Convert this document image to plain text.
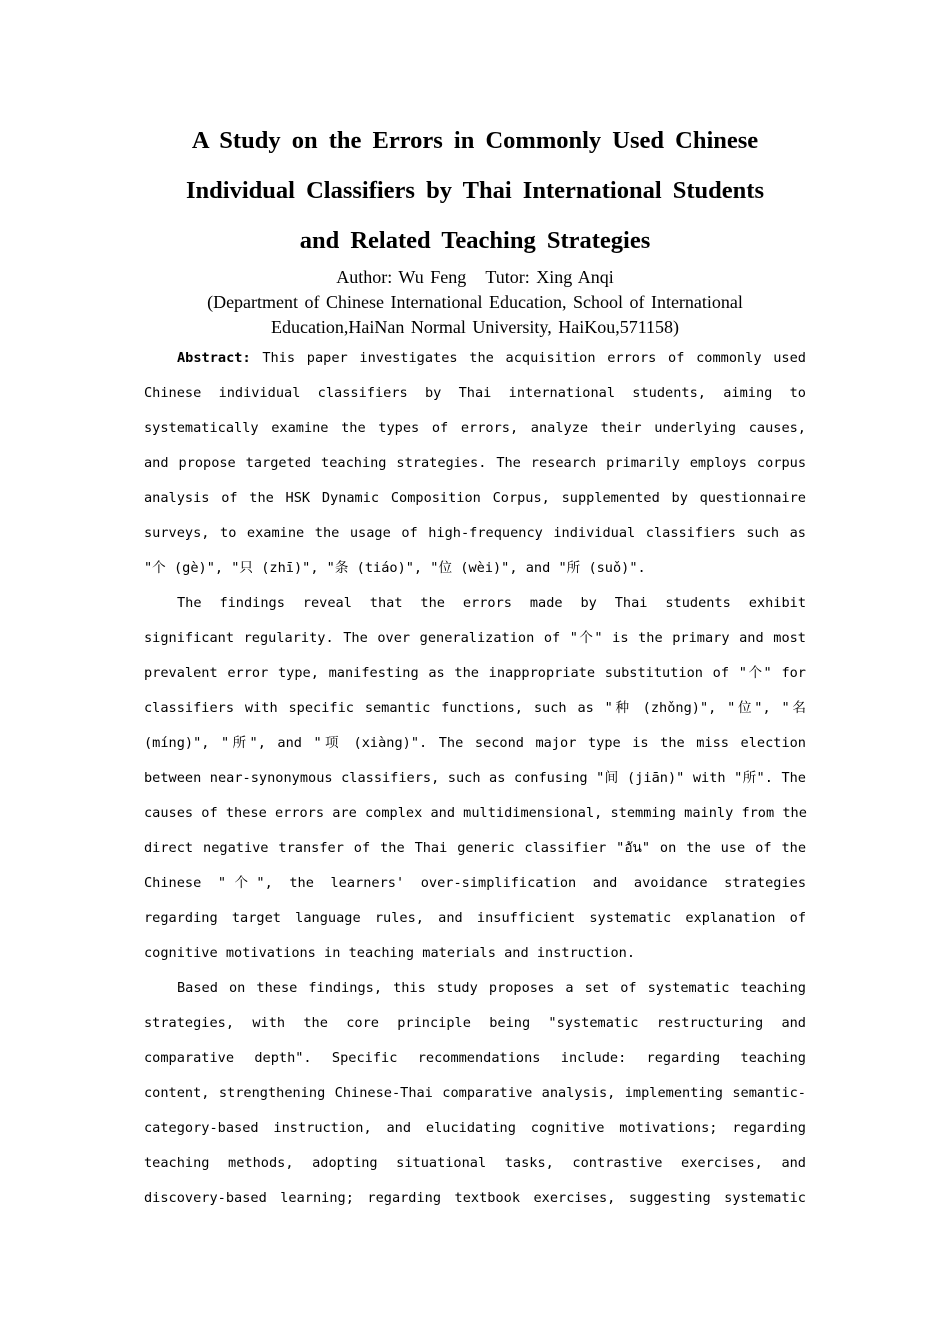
A Study on the Errors in Commonly Used Chinese
Individual Classifiers by Thai International Students
and Related Teaching Strategies
Author: Wu Feng   Tutor: Xing Anqi
(Department of Chinese International Education, School of International
Education,HaiNan Normal University, HaiKou,571158)

Abstract: This paper investigates the acquisition errors of commonly used
Chinese individual classifiers by Thai international students, aiming to
systematically examine the types of errors, analyze their underlying causes,
and propose targeted teaching strategies. The research primarily employs corpus
analysis of the HSK Dynamic Composition Corpus, supplemented by questionnaire
surveys, to examine the usage of high-frequency individual classifiers such as
"个 (gè)", "只 (zhī)", "条 (tiáo)", "位 (wèi)", and "所 (suǒ)".

The findings reveal that the errors made by Thai students exhibit
significant regularity. The over generalization of "个" is the primary and most
prevalent error type, manifesting as the inappropriate substitution of "个" for
classifiers with specific semantic functions, such as "种 (zhǒng)", "位", "名
(míng)", "所", and "项 (xiàng)". The second major type is the miss election
between near-synonymous classifiers, such as confusing "间 (jiān)" with "所". The
causes of these errors are complex and multidimensional, stemming mainly from the
direct negative transfer of the Thai generic classifier "อัน" on the use of the
Chinese "个", the learners' over-simplification and avoidance strategies
regarding target language rules, and insufficient systematic explanation of
cognitive motivations in teaching materials and instruction.

Based on these findings, this study proposes a set of systematic teaching
strategies, with the core principle being "systematic restructuring and
comparative depth". Specific recommendations include: regarding teaching
content, strengthening Chinese-Thai comparative analysis, implementing semantic-
category-based instruction, and elucidating cognitive motivations; regarding
teaching methods, adopting situational tasks, contrastive exercises, and
discovery-based learning; regarding textbook exercises, suggesting systematic
